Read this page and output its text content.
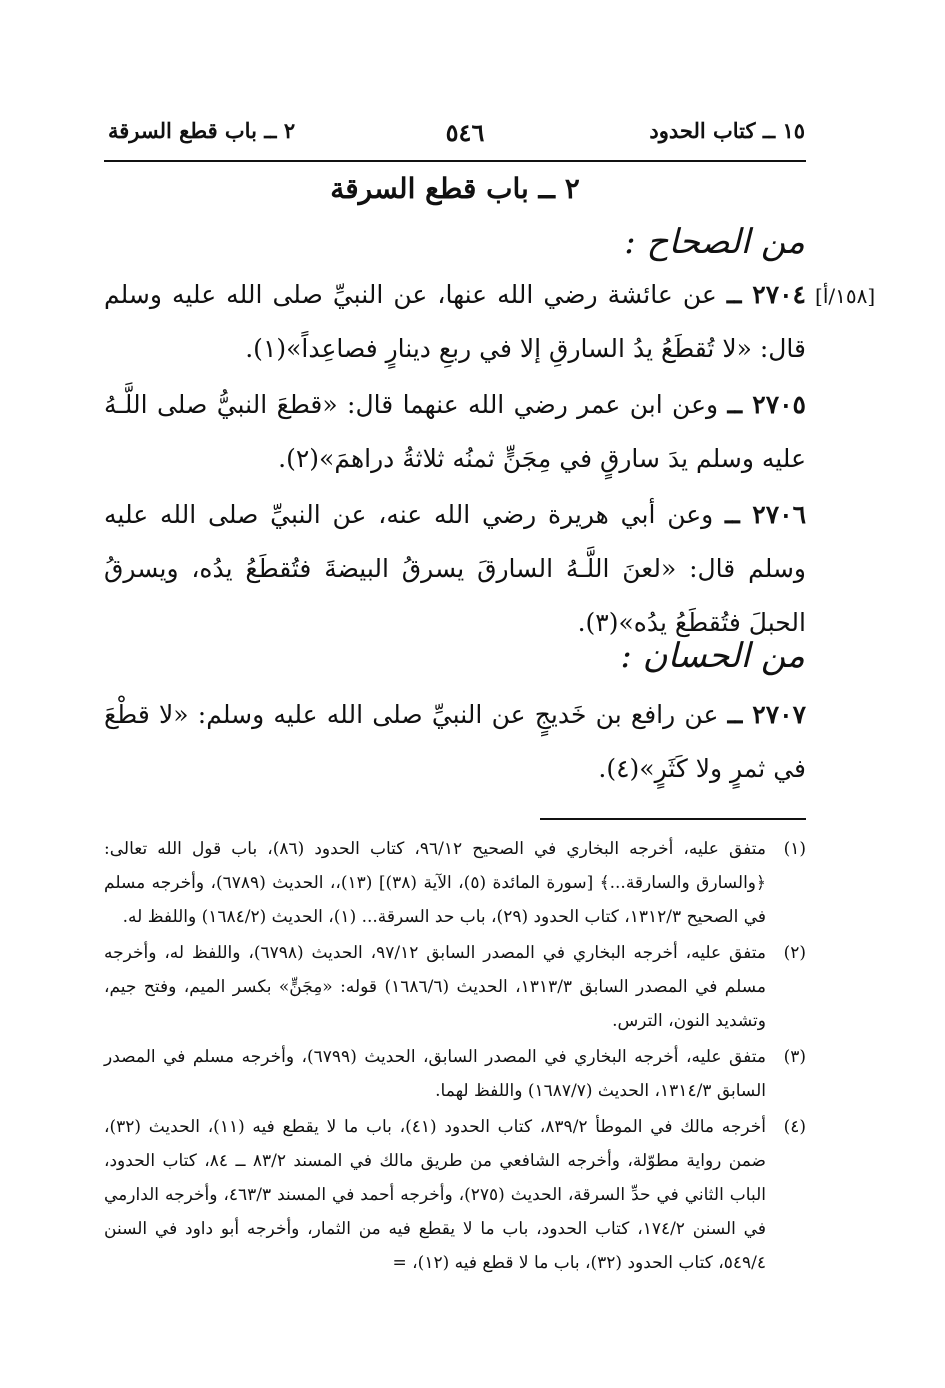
١٥ ــ كتاب الحدود
٥٤٦
٢ ــ باب قطع السرقة
٢ ــ باب قطع السرقة
من الصحاح :
[١٥٨/أ]
٢٧٠٤ ــ عن عائشة رضي الله عنها، عن النبيِّ صلى الله عليه وسلم قال: «لا تُقطَعُ يدُ السارقِ إلا في ربعِ دينارٍ فصاعِداً»(١).
٢٧٠٥ ــ وعن ابن عمر رضي الله عنهما قال: «قطعَ النبيُّ صلى اللَّـهُ عليه وسلم يدَ سارقٍ في مِجَنٍّ ثمنُه ثلاثةُ دراهمَ»(٢).
٢٧٠٦ ــ وعن أبي هريرة رضي الله عنه، عن النبيِّ صلى الله عليه وسلم قال: «لعنَ اللَّـهُ السارقَ يسرقُ البيضةَ فتُقطَعُ يدُه، ويسرقُ الحبلَ فتُقطَعُ يدُه»(٣).
من الحسان :
٢٧٠٧ ــ عن رافع بن خَديجٍ عن النبيِّ صلى الله عليه وسلم: «لا قطْعَ في ثمرٍ ولا كَثَرٍ»(٤).
(١)
متفق عليه، أخرجه البخاري في الصحيح ٩٦/١٢، كتاب الحدود (٨٦)، باب قول الله تعالى: ﴿والسارق والسارقة...﴾ [سورة المائدة (٥)، الآية (٣٨)] (١٣)،، الحديث (٦٧٨٩)، وأخرجه مسلم في الصحيح ١٣١٢/٣، كتاب الحدود (٢٩)، باب حد السرقة... (١)، الحديث (١٦٨٤/٢) واللفظ له.
(٢)
متفق عليه، أخرجه البخاري في المصدر السابق ٩٧/١٢، الحديث (٦٧٩٨)، واللفظ له، وأخرجه مسلم في المصدر السابق ١٣١٣/٣، الحديث (١٦٨٦/٦) قوله: «مِجَنٍّ» بكسر الميم، وفتح جيم، وتشديد النون، الترس.
(٣)
متفق عليه، أخرجه البخاري في المصدر السابق، الحديث (٦٧٩٩)، وأخرجه مسلم في المصدر السابق ١٣١٤/٣، الحديث (١٦٨٧/٧) واللفظ لهما.
(٤)
أخرجه مالك في الموطأ ٨٣٩/٢، كتاب الحدود (٤١)، باب ما لا يقطع فيه (١١)، الحديث (٣٢)، ضمن رواية مطوّلة، وأخرجه الشافعي من طريق مالك في المسند ٨٣/٢ ــ ٨٤، كتاب الحدود، الباب الثاني في حدِّ السرقة، الحديث (٢٧٥)، وأخرجه أحمد في المسند ٤٦٣/٣، وأخرجه الدارمي في السنن ١٧٤/٢، كتاب الحدود، باب ما لا يقطع فيه من الثمار، وأخرجه أبو داود في السنن ٥٤٩/٤، كتاب الحدود (٣٢)، باب ما لا قطع فيه (١٢)، =
